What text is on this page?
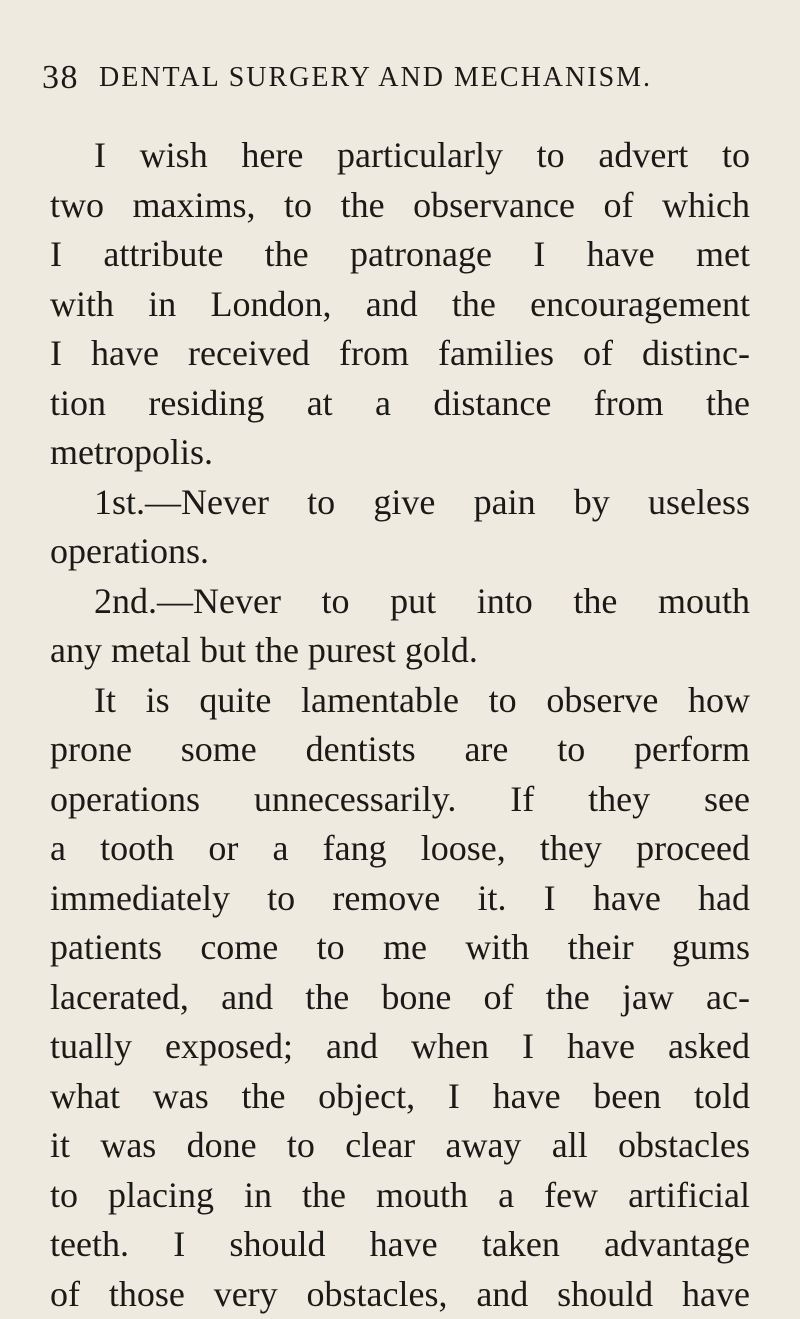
38 DENTAL SURGERY AND MECHANISM.
I wish here particularly to advert to
two maxims, to the observance of which
I attribute the patronage I have met
with in London, and the encouragement
I have received from families of distinc-
tion residing at a distance from the
metropolis.
1st.—Never to give pain by useless
operations.
2nd.—Never to put into the mouth
any metal but the purest gold.
It is quite lamentable to observe how
prone some dentists are to perform
operations unnecessarily. If they see
a tooth or a fang loose, they proceed
immediately to remove it. I have had
patients come to me with their gums
lacerated, and the bone of the jaw ac-
tually exposed; and when I have asked
what was the object, I have been told
it was done to clear away all obstacles
to placing in the mouth a few artificial
teeth. I should have taken advantage
of those very obstacles, and should have
